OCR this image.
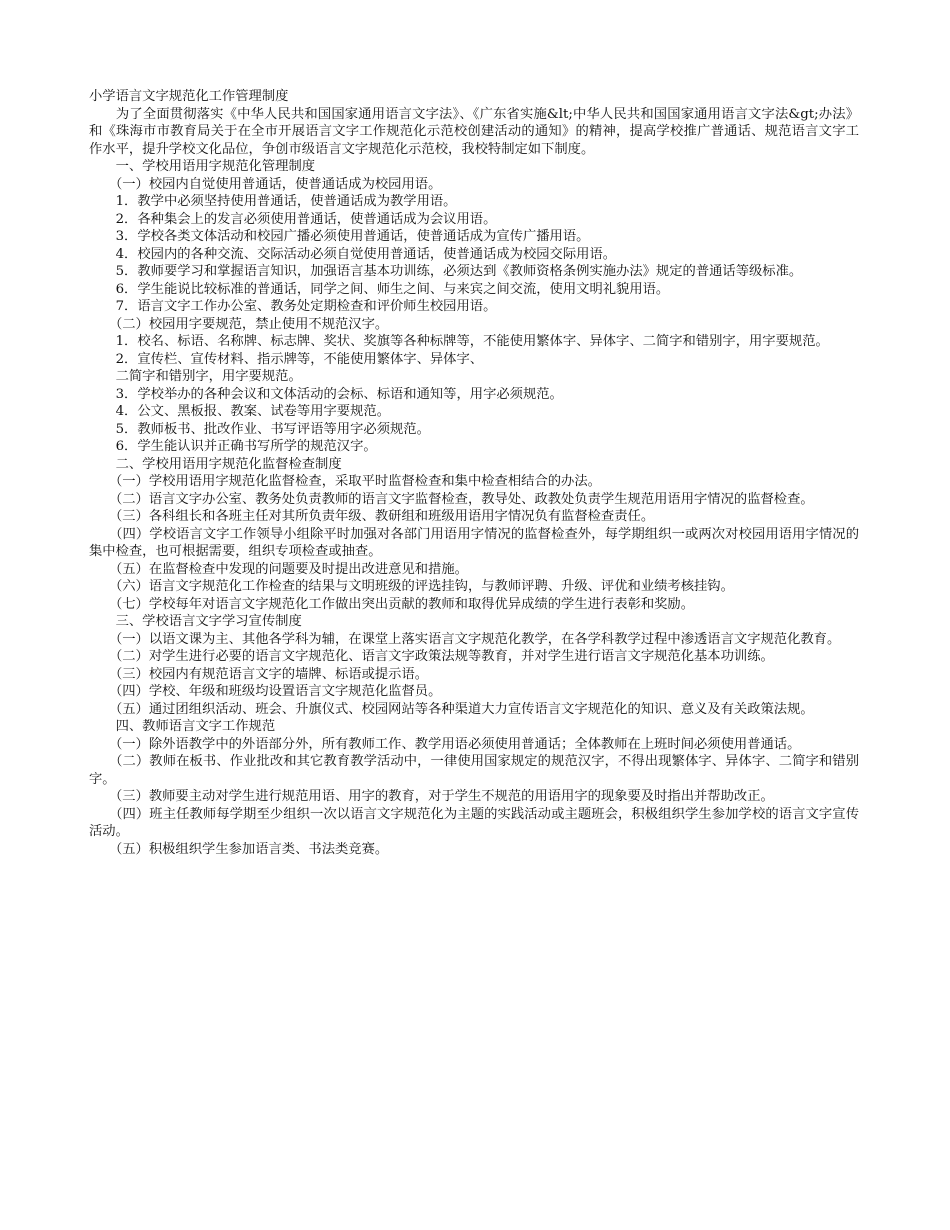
小学语言文字规范化工作管理制度

　　为了全面贯彻落实《中华人民共和国国家通用语言文字法》、《广东省实施&lt;中华人民共和国国家通用语言文字法&gt;办法》和《珠海市市教育局关于在全市开展语言文字工作规范化示范校创建活动的通知》的精神，提高学校推广普通话、规范语言文字工作水平，提升学校文化品位，争创市级语言文字规范化示范校，我校特制定如下制度。

　　一、学校用语用字规范化管理制度

　　（一）校园内自觉使用普通话，使普通话成为校园用语。

　　1．教学中必须坚持使用普通话，使普通话成为教学用语。

　　2．各种集会上的发言必须使用普通话，使普通话成为会议用语。

　　3．学校各类文体活动和校园广播必须使用普通话，使普通话成为宣传广播用语。

　　4．校园内的各种交流、交际活动必须自觉使用普通话，使普通话成为校园交际用语。

　　5．教师要学习和掌握语言知识，加强语言基本功训练，必须达到《教师资格条例实施办法》规定的普通话等级标准。

　　6．学生能说比较标准的普通话，同学之间、师生之间、与来宾之间交流，使用文明礼貌用语。

　　7．语言文字工作办公室、教务处定期检查和评价师生校园用语。

　　（二）校园用字要规范，禁止使用不规范汉字。

　　1．校名、标语、名称牌、标志牌、奖状、奖旗等各种标牌等，不能使用繁体字、异体字、二简字和错别字，用字要规范。

　　2．宣传栏、宣传材料、指示牌等，不能使用繁体字、异体字、

　　二简字和错别字，用字要规范。

　　3．学校举办的各种会议和文体活动的会标、标语和通知等，用字必须规范。

　　4．公文、黑板报、教案、试卷等用字要规范。

　　5．教师板书、批改作业、书写评语等用字必须规范。

　　6．学生能认识并正确书写所学的规范汉字。

　　二、学校用语用字规范化监督检查制度

　　（一）学校用语用字规范化监督检查，采取平时监督检查和集中检查相结合的办法。

　　（二）语言文字办公室、教务处负责教师的语言文字监督检查，教导处、政教处负责学生规范用语用字情况的监督检查。

　　（三）各科组长和各班主任对其所负责年级、教研组和班级用语用字情况负有监督检查责任。

　　（四）学校语言文字工作领导小组除平时加强对各部门用语用字情况的监督检查外，每学期组织一或两次对校园用语用字情况的集中检查，也可根据需要，组织专项检查或抽查。

　　（五）在监督检查中发现的问题要及时提出改进意见和措施。

　　（六）语言文字规范化工作检查的结果与文明班级的评选挂钩，与教师评聘、升级、评优和业绩考核挂钩。

　　（七）学校每年对语言文字规范化工作做出突出贡献的教师和取得优异成绩的学生进行表彰和奖励。

　　三、学校语言文字学习宣传制度

　　（一）以语文课为主、其他各学科为辅，在课堂上落实语言文字规范化教学，在各学科教学过程中渗透语言文字规范化教育。

　　（二）对学生进行必要的语言文字规范化、语言文字政策法规等教育，并对学生进行语言文字规范化基本功训练。

　　（三）校园内有规范语言文字的墙牌、标语或提示语。

　　（四）学校、年级和班级均设置语言文字规范化监督员。

　　（五）通过团组织活动、班会、升旗仪式、校园网站等各种渠道大力宣传语言文字规范化的知识、意义及有关政策法规。

　　四、教师语言文字工作规范

　　（一）除外语教学中的外语部分外，所有教师工作、教学用语必须使用普通话；全体教师在上班时间必须使用普通话。

　　（二）教师在板书、作业批改和其它教育教学活动中，一律使用国家规定的规范汉字，不得出现繁体字、异体字、二简字和错别字。

　　（三）教师要主动对学生进行规范用语、用字的教育，对于学生不规范的用语用字的现象要及时指出并帮助改正。

　　（四）班主任教师每学期至少组织一次以语言文字规范化为主题的实践活动或主题班会，积极组织学生参加学校的语言文字宣传活动。

　　（五）积极组织学生参加语言类、书法类竞赛。
